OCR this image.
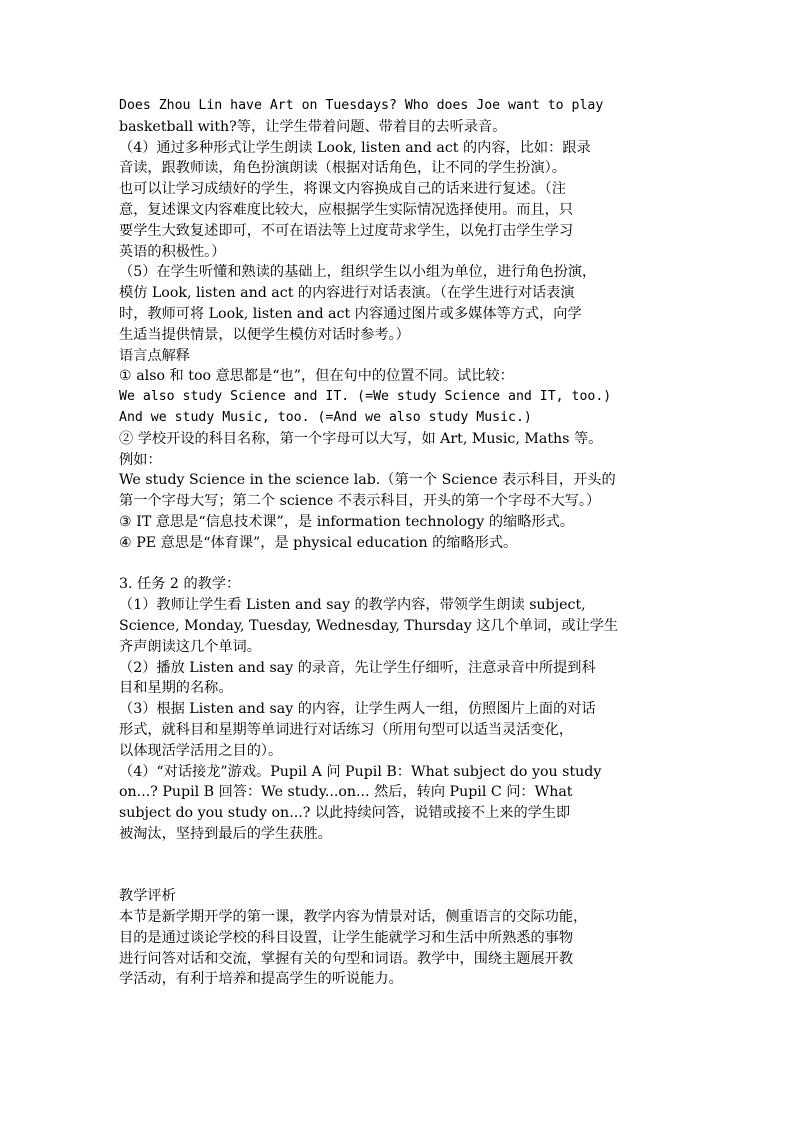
Does Zhou Lin have Art on Tuesdays? Who does Joe want to play
basketball with?等，让学生带着问题、带着目的去听录音。
（4）通过多种形式让学生朗读 Look, listen and act 的内容，比如：跟录
音读，跟教师读，角色扮演朗读（根据对话角色，让不同的学生扮演）。
也可以让学习成绩好的学生，将课文内容换成自己的话来进行复述。（注
意，复述课文内容难度比较大，应根据学生实际情况选择使用。而且，只
要学生大致复述即可，不可在语法等上过度苛求学生，以免打击学生学习
英语的积极性。）
（5）在学生听懂和熟读的基础上，组织学生以小组为单位，进行角色扮演，
模仿 Look, listen and act 的内容进行对话表演。（在学生进行对话表演
时，教师可将 Look, listen and act 内容通过图片或多媒体等方式，向学
生适当提供情景，以便学生模仿对话时参考。）
语言点解释
① also 和 too 意思都是“也”，但在句中的位置不同。试比较：
We also study Science and IT. (=We study Science and IT, too.)
And we study Music, too. (=And we also study Music.)
② 学校开设的科目名称，第一个字母可以大写，如 Art, Music, Maths 等。
例如：
We study Science in the science lab.（第一个 Science 表示科目，开头的
第一个字母大写；第二个 science 不表示科目，开头的第一个字母不大写。）
③ IT 意思是“信息技术课”，是 information technology 的缩略形式。
④ PE 意思是“体育课”，是 physical education 的缩略形式。
3. 任务 2 的教学：
（1）教师让学生看 Listen and say 的教学内容，带领学生朗读 subject,
Science, Monday, Tuesday, Wednesday, Thursday 这几个单词，或让学生
齐声朗读这几个单词。
（2）播放 Listen and say 的录音，先让学生仔细听，注意录音中所提到科
目和星期的名称。
（3）根据 Listen and say 的内容，让学生两人一组，仿照图片上面的对话
形式，就科目和星期等单词进行对话练习（所用句型可以适当灵活变化，
以体现活学活用之目的）。
（4）“对话接龙”游戏。Pupil A 问 Pupil B：What subject do you study
on...? Pupil B 回答：We study...on... 然后，转向 Pupil C 问：What
subject do you study on...? 以此持续问答，说错或接不上来的学生即
被淘汰，坚持到最后的学生获胜。
教学评析
本节是新学期开学的第一课，教学内容为情景对话，侧重语言的交际功能，
目的是通过谈论学校的科目设置，让学生能就学习和生活中所熟悉的事物
进行问答对话和交流，掌握有关的句型和词语。教学中，围绕主题展开教
学活动，有利于培养和提高学生的听说能力。
